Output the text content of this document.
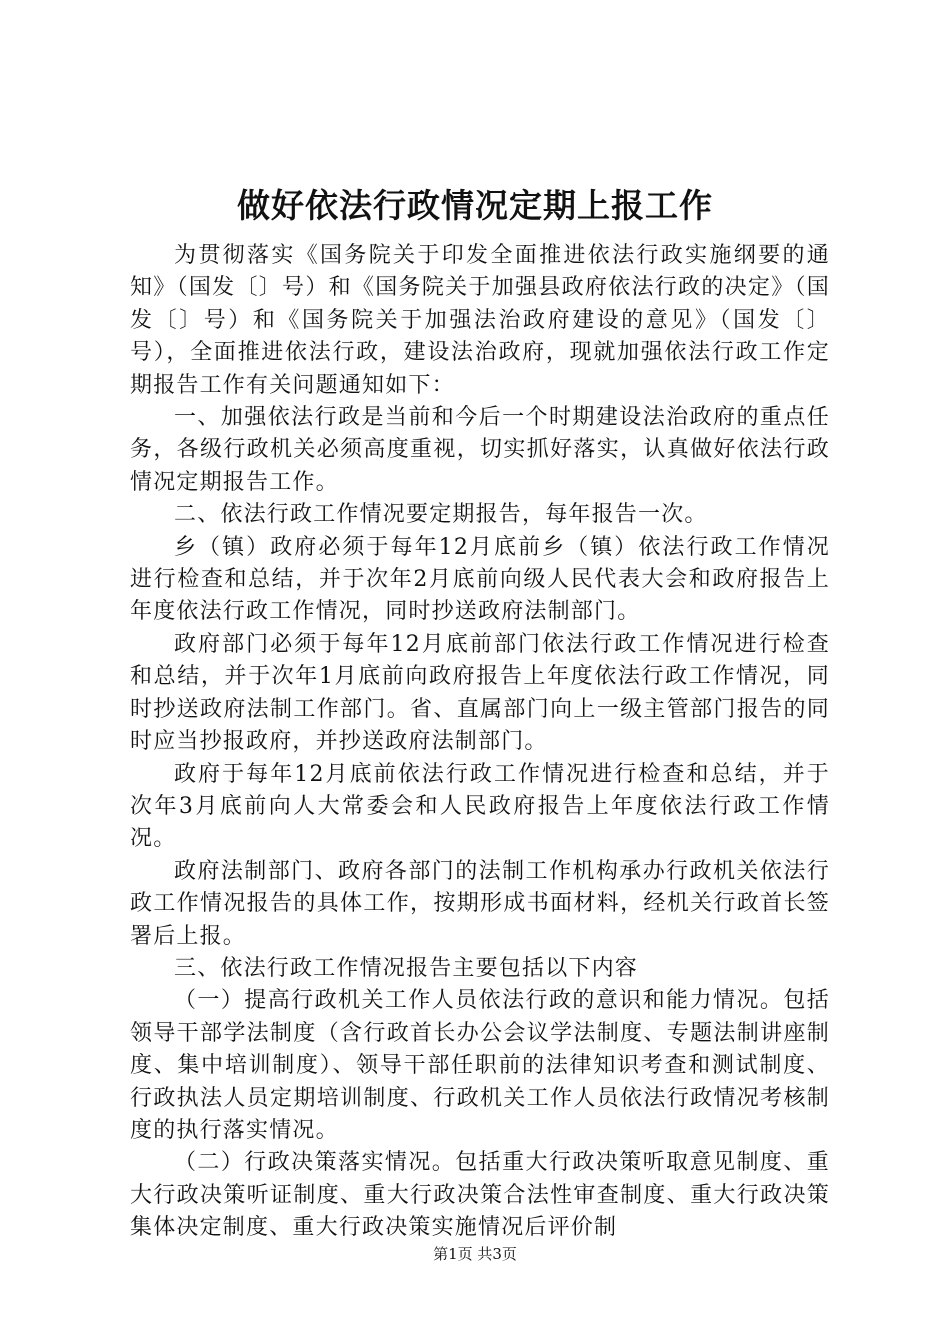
做好依法行政情况定期上报工作

为贯彻落实《国务院关于印发全面推进依法行政实施纲要的通知》（国发〔〕号）和《国务院关于加强县政府依法行政的决定》（国发〔〕号）和《国务院关于加强法治政府建设的意见》（国发〔〕号），全面推进依法行政，建设法治政府，现就加强依法行政工作定期报告工作有关问题通知如下：

一、加强依法行政是当前和今后一个时期建设法治政府的重点任务，各级行政机关必须高度重视，切实抓好落实，认真做好依法行政情况定期报告工作。

二、依法行政工作情况要定期报告，每年报告一次。

乡（镇）政府必须于每年12月底前乡（镇）依法行政工作情况进行检查和总结，并于次年2月底前向级人民代表大会和政府报告上年度依法行政工作情况，同时抄送政府法制部门。

政府部门必须于每年12月底前部门依法行政工作情况进行检查和总结，并于次年1月底前向政府报告上年度依法行政工作情况，同时抄送政府法制工作部门。省、直属部门向上一级主管部门报告的同时应当抄报政府，并抄送政府法制部门。

政府于每年12月底前依法行政工作情况进行检查和总结，并于次年3月底前向人大常委会和人民政府报告上年度依法行政工作情况。

政府法制部门、政府各部门的法制工作机构承办行政机关依法行政工作情况报告的具体工作，按期形成书面材料，经机关行政首长签署后上报。

三、依法行政工作情况报告主要包括以下内容

（一）提高行政机关工作人员依法行政的意识和能力情况。包括领导干部学法制度（含行政首长办公会议学法制度、专题法制讲座制度、集中培训制度）、领导干部任职前的法律知识考查和测试制度、行政执法人员定期培训制度、行政机关工作人员依法行政情况考核制度的执行落实情况。

（二）行政决策落实情况。包括重大行政决策听取意见制度、重大行政决策听证制度、重大行政决策合法性审查制度、重大行政决策集体决定制度、重大行政决策实施情况后评价制

第1页 共3页
